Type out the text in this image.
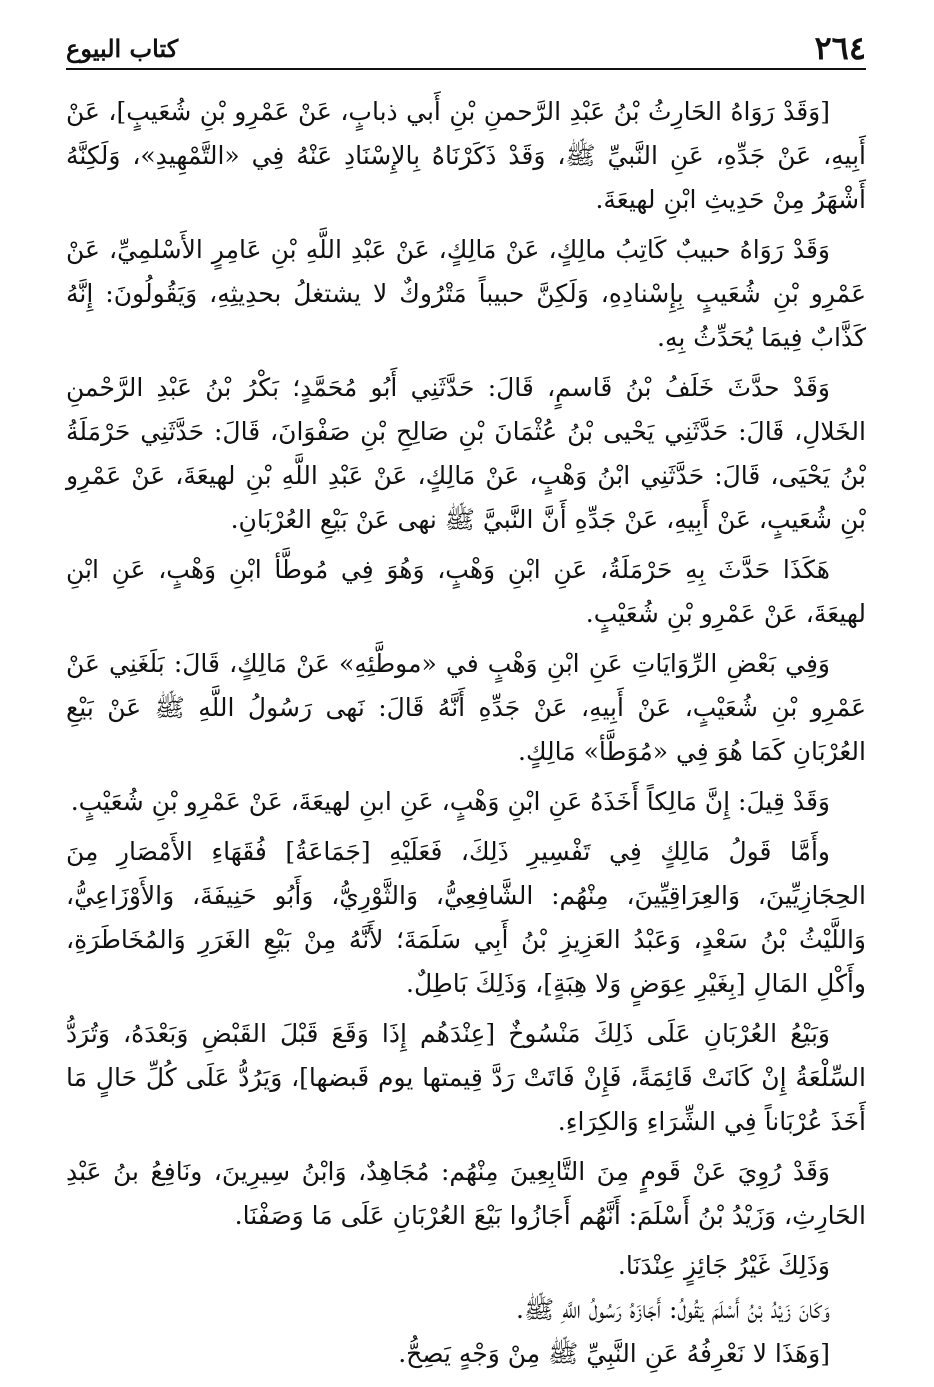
٢٦٤
كتاب البيوع

[وَقَدْ رَوَاهُ الحَارِثُ بْنُ عَبْدِ الرَّحمنِ بْنِ أَبي ذبابٍ، عَنْ عَمْرِو بْنِ شُعَيبٍ]، عَنْ أَبِيهِ، عَنْ جَدِّهِ، عَنِ النَّبيِّ ﷺ، وَقَدْ ذَكَرْنَاهُ بِالإِسْنَادِ عَنْهُ فِي «التَّمْهِيدِ»، وَلَكِنَّهُ أَشْهَرُ مِنْ حَدِيثِ ابْنِ لهيعَةَ.

وَقَدْ رَوَاهُ حبيبٌ كَاتِبُ مالِكٍ، عَنْ مَالِكٍ، عَنْ عَبْدِ اللَّهِ بْنِ عَامِرٍ الأَسْلمِيِّ، عَنْ عَمْرِو بْنِ شُعَيبٍ بِإِسْنادِهِ، وَلَكِنَّ حبيباً مَتْرُوكٌ لا يشتغلُ بحدِيثِهِ، وَيَقُولُونَ: إِنَّهُ كَذَّابٌ فِيمَا يُحَدِّثُ بِهِ.

وَقَدْ حدَّثَ خَلَفُ بْنُ قَاسمٍ، قَالَ: حَدَّثَنِي أَبُو مُحَمَّدٍ؛ بَكْرُ بْنُ عَبْدِ الرَّحْمنِ الخَلالِ، قَالَ: حَدَّثَنِي يَحْيى بْنُ عُثْمَانَ بْنِ صَالِحِ بْنِ صَفْوَانَ، قَالَ: حَدَّثَنِي حَرْمَلَةُ بْنُ يَحْيَى، قَالَ: حَدَّثَنِي ابْنُ وَهْبٍ، عَنْ مَالِكٍ، عَنْ عَبْدِ اللَّهِ بْنِ لهيعَةَ، عَنْ عَمْرِو بْنِ شُعَيبٍ، عَنْ أَبِيهِ، عَنْ جَدِّهِ أَنَّ النَّبيَّ ﷺ نهى عَنْ بَيْعِ العُرْبَانِ.

هَكَذَا حَدَّثَ بِهِ حَرْمَلَةُ، عَنِ ابْنِ وَهْبٍ، وَهُوَ فِي مُوطَّأ ابْنِ وَهْبٍ، عَنِ ابْنِ لهيعَةَ، عَنْ عَمْرِو بْنِ شُعَيْبٍ.

وَفِي بَعْضِ الرِّوَايَاتِ عَنِ ابْنِ وَهْبٍ في «موطَّئِهِ» عَنْ مَالِكٍ، قَالَ: بَلَغَنِي عَنْ عَمْرِو بْنِ شُعَيْبٍ، عَنْ أَبِيهِ، عَنْ جَدِّهِ أَنَّهُ قَالَ: نَهى رَسُولُ اللَّهِ ﷺ عَنْ بَيْعِ العُرْبَانِ كَمَا هُوَ فِي «مُوَطَّأ» مَالِكٍ.

وَقَدْ قِيلَ: إِنَّ مَالِكاً أَخَذَهُ عَنِ ابْنِ وَهْبٍ، عَنِ ابنِ لهيعَةَ، عَنْ عَمْرِو بْنِ شُعَيْبٍ.

وأَمَّا قَولُ مَالِكٍ فِي تَفْسِيرِ ذَلِكَ، فَعَلَيْهِ [جَمَاعَةُ] فُقَهَاءِ الأَمْصَارِ مِنَ الحِجَازِيِّينَ، وَالعِرَاقِيِّينَ، مِنْهُم: الشَّافِعِيُّ، وَالثَّوْرِيُّ، وَأَبُو حَنِيفَةَ، وَالأَوْزَاعِيُّ، وَاللَّيْثُ بْنُ سَعْدٍ، وَعَبْدُ العَزِيزِ بْنُ أَبِي سَلَمَةَ؛ لأَنَّهُ مِنْ بَيْعِ الغَرَرِ وَالمُخَاطَرَةِ، وأَكْلِ المَالِ [بِغَيْرِ عِوَضٍ وَلا هِبَةٍ]، وَذَلِكَ بَاطِلٌ.

وَبَيْعُ العُرْبَانِ عَلَى ذَلِكَ مَنْسُوخٌ [عِنْدَهُم إِذَا وَقَعَ قَبْلَ القَبْضِ وَبَعْدَهُ، وَتُرَدُّ السِّلْعَةُ إِنْ كَانَتْ قَائِمَةً، فَإِنْ فَاتَتْ رَدَّ قِيمتها يوم قَبضها]، وَيَرُدُّ عَلَى كُلِّ حَالٍ مَا أَخَذَ عُرْبَاناً فِي الشِّرَاءِ وَالكِرَاءِ.

وَقَدْ رُوِيَ عَنْ قَومٍ مِنَ التَّابِعِينَ مِنْهُم: مُجَاهِدٌ، وَابْنُ سِيرِينَ، ونَافِعُ بنُ عَبْدِ الحَارِثِ، وَزَيْدُ بْنُ أَسْلَمَ: أَنَّهُم أَجَازُوا بَيْعَ العُرْبَانِ عَلَى مَا وَصَفْنَا.

وَذَلِكَ غَيْرُ جَائِزٍ عِنْدَنَا.

وَكَانَ زَيْدُ بْنُ أَسْلَمَ يَقُولُ: أَجَازَهُ رَسُولُ اللَّهِ ﷺ.

[وَهَذَا لا نَعْرِفُهُ عَنِ النَّبِيِّ ﷺ مِنْ وَجْهٍ يَصِحُّ.
